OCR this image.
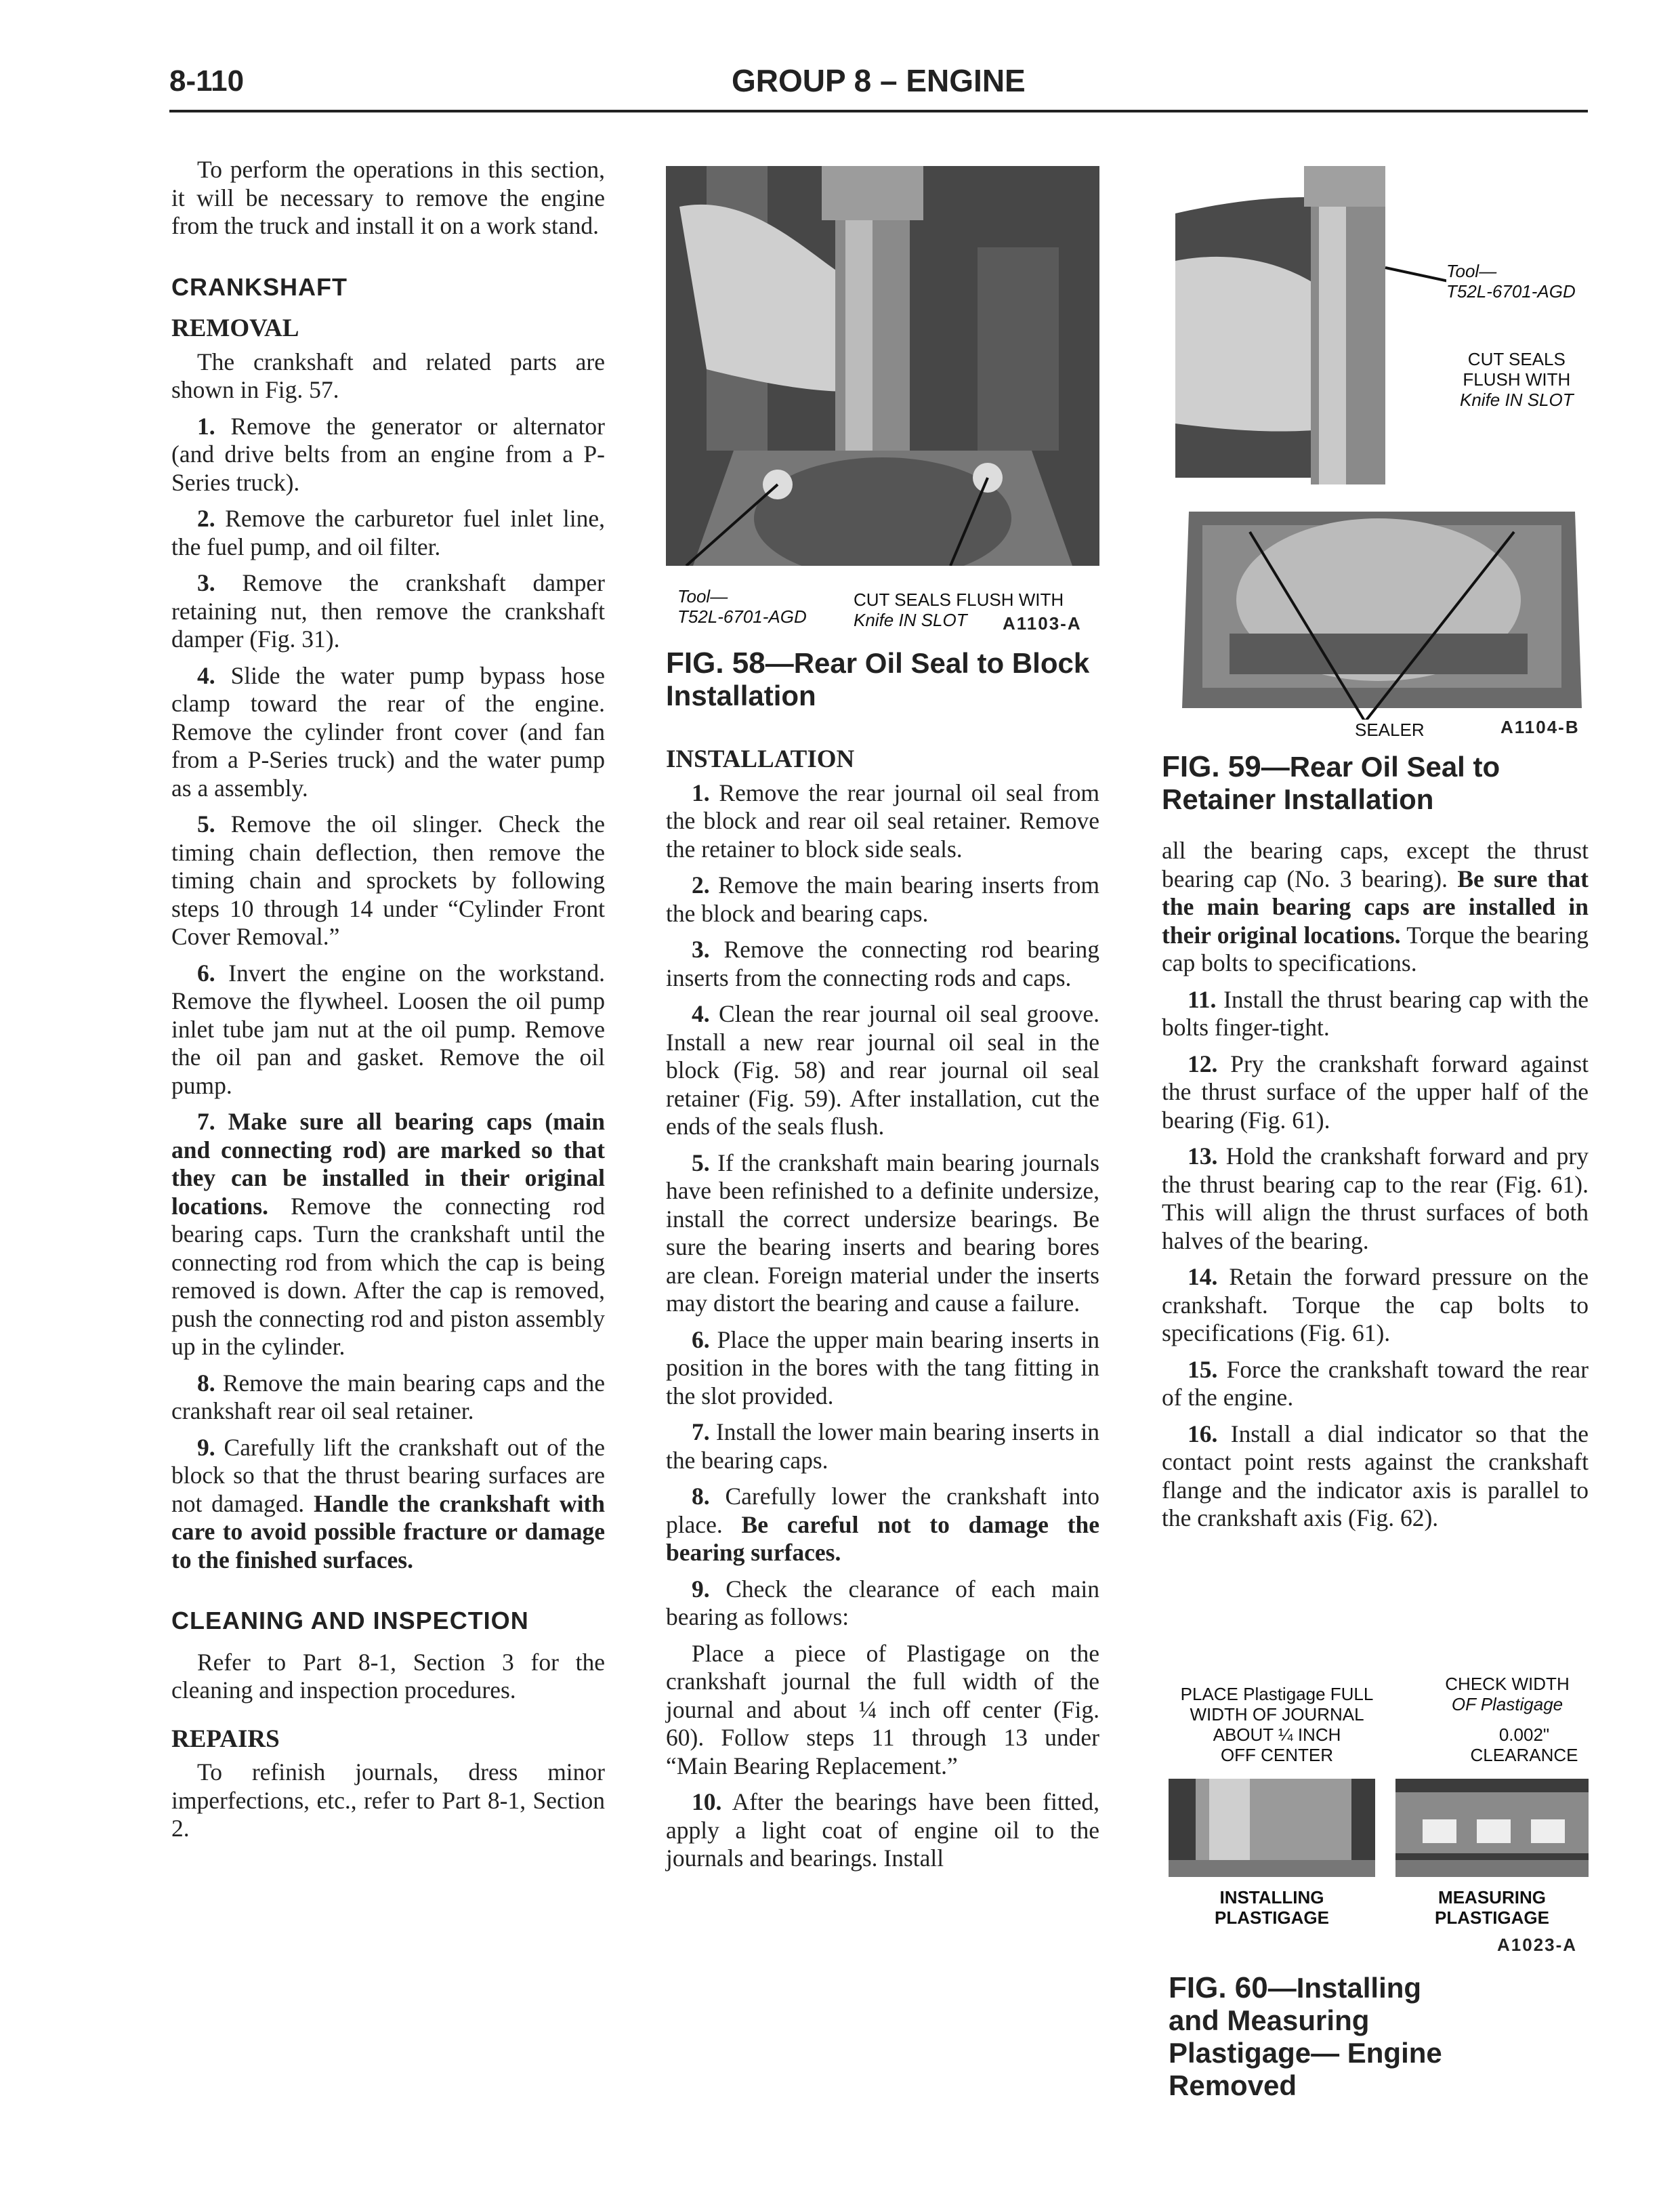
8-110	GROUP 8 – ENGINE

To perform the operations in this section, it will be necessary to remove the engine from the truck and install it on a work stand.

CRANKSHAFT
REMOVAL

The crankshaft and related parts are shown in Fig. 57.

1. Remove the generator or alternator (and drive belts from an engine from a P-Series truck).

2. Remove the carburetor fuel inlet line, the fuel pump, and oil filter.

3. Remove the crankshaft damper retaining nut, then remove the crankshaft damper (Fig. 31).

4. Slide the water pump bypass hose clamp toward the rear of the engine. Remove the cylinder front cover (and fan from a P-Series truck) and the water pump as a assembly.

5. Remove the oil slinger. Check the timing chain deflection, then remove the timing chain and sprockets by following steps 10 through 14 under “Cylinder Front Cover Removal.”

6. Invert the engine on the workstand. Remove the flywheel. Loosen the oil pump inlet tube jam nut at the oil pump. Remove the oil pan and gasket. Remove the oil pump.

7. Make sure all bearing caps (main and connecting rod) are marked so that they can be installed in their original locations. Remove the connecting rod bearing caps. Turn the crankshaft until the connecting rod from which the cap is being removed is down. After the cap is removed, push the connecting rod and piston assembly up in the cylinder.

8. Remove the main bearing caps and the crankshaft rear oil seal retainer.

9. Carefully lift the crankshaft out of the block so that the thrust bearing surfaces are not damaged. Handle the crankshaft with care to avoid possible fracture or damage to the finished surfaces.

CLEANING AND INSPECTION

Refer to Part 8-1, Section 3 for the cleaning and inspection procedures.

REPAIRS

To refinish journals, dress minor imperfections, etc., refer to Part 8-1, Section 2.

Tool—
T52L-6701-AGD
CUT SEALS FLUSH WITH
Knife IN SLOT	A1103-A
FIG. 58—Rear Oil Seal to Block Installation
INSTALLATION

1. Remove the rear journal oil seal from the block and rear oil seal retainer. Remove the retainer to block side seals.

2. Remove the main bearing inserts from the block and bearing caps.

3. Remove the connecting rod bearing inserts from the connecting rods and caps.

4. Clean the rear journal oil seal groove. Install a new rear journal oil seal in the block (Fig. 58) and rear journal oil seal retainer (Fig. 59). After installation, cut the ends of the seals flush.

5. If the crankshaft main bearing journals have been refinished to a definite undersize, install the correct undersize bearings. Be sure the bearing inserts and bearing bores are clean. Foreign material under the inserts may distort the bearing and cause a failure.

6. Place the upper main bearing inserts in position in the bores with the tang fitting in the slot provided.

7. Install the lower main bearing inserts in the bearing caps.

8. Carefully lower the crankshaft into place. Be careful not to damage the bearing surfaces.

9. Check the clearance of each main bearing as follows:

Place a piece of Plastigage on the crankshaft journal the full width of the journal and about ¼ inch off center (Fig. 60). Follow steps 11 through 13 under “Main Bearing Replacement.”

10. After the bearings have been fitted, apply a light coat of engine oil to the journals and bearings. Install

Tool—
T52L-6701-AGD
CUT SEALS
FLUSH WITH
Knife IN SLOT
SEALER	A1104-B
FIG. 59—Rear Oil Seal to Retainer Installation

all the bearing caps, except the thrust bearing cap (No. 3 bearing). Be sure that the main bearing caps are installed in their original locations. Torque the bearing cap bolts to specifications.

11. Install the thrust bearing cap with the bolts finger-tight.

12. Pry the crankshaft forward against the thrust surface of the upper half of the bearing (Fig. 61).

13. Hold the crankshaft forward and pry the thrust bearing cap to the rear (Fig. 61). This will align the thrust surfaces of both halves of the bearing.

14. Retain the forward pressure on the crankshaft. Torque the cap bolts to specifications (Fig. 61).

15. Force the crankshaft toward the rear of the engine.

16. Install a dial indicator so that the contact point rests against the crankshaft flange and the indicator axis is parallel to the crankshaft axis (Fig. 62).

PLACE Plastigage FULL
WIDTH OF JOURNAL
ABOUT ¼ INCH
OFF CENTER
CHECK WIDTH
OF Plastigage
0.002"
CLEARANCE
INSTALLING
PLASTIGAGE
MEASURING
PLASTIGAGE
A1023-A
FIG. 60—Installing and Measuring Plastigage— Engine Removed
